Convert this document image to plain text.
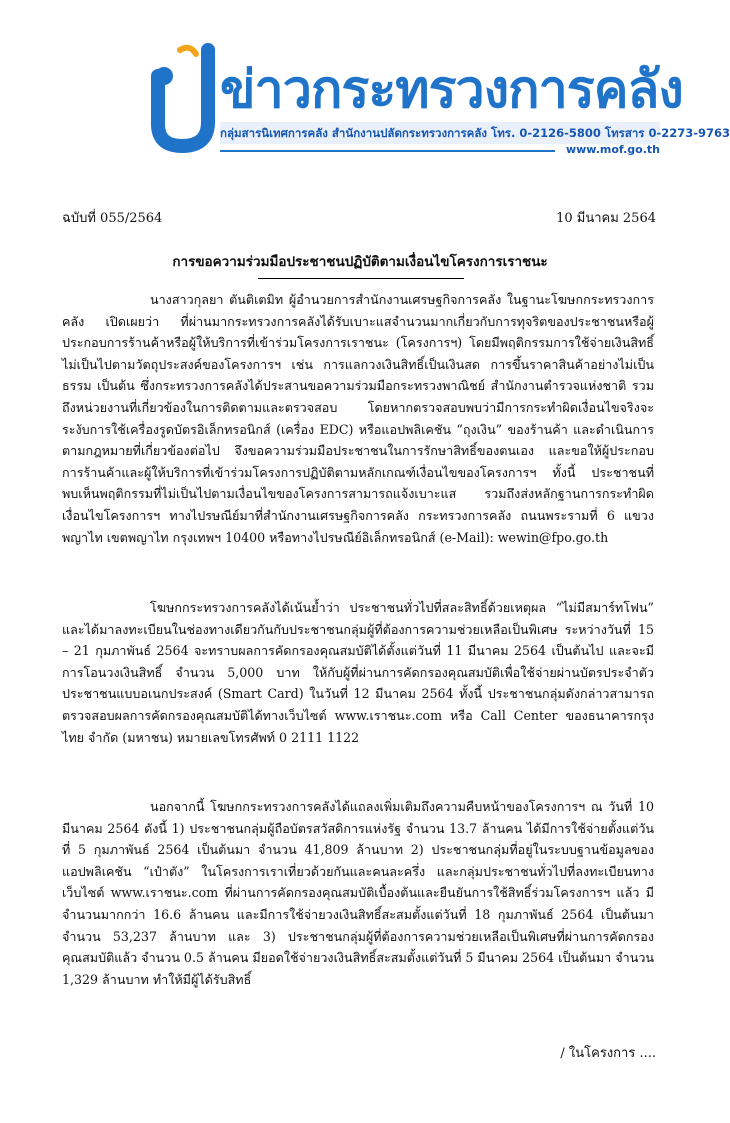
ข่าวกระทรวงการคลัง
กลุ่มสารนิเทศการคลัง สำนักงานปลัดกระทรวงการคลัง โทร. 0-2126-5800 โทรสาร 0-2273-9763
www.mof.go.th
ฉบับที่ 055/2564	10 มีนาคม 2564
การขอความร่วมมือประชาชนปฏิบัติตามเงื่อนไขโครงการเราชนะ

นางสาวกุลยา ตันติเตมิท ผู้อำนวยการสำนักงานเศรษฐกิจการคลัง ในฐานะโฆษกกระทรวงการคลัง เปิดเผยว่า ที่ผ่านมากระทรวงการคลังได้รับเบาะแสจำนวนมากเกี่ยวกับการทุจริตของประชาชนหรือผู้ประกอบการร้านค้าหรือผู้ให้บริการที่เข้าร่วมโครงการเราชนะ (โครงการฯ) โดยมีพฤติกรรมการใช้จ่ายเงินสิทธิ์ไม่เป็นไปตามวัตถุประสงค์ของโครงการฯ เช่น การแลกวงเงินสิทธิ์เป็นเงินสด การขึ้นราคาสินค้าอย่างไม่เป็นธรรม เป็นต้น ซึ่งกระทรวงการคลังได้ประสานขอความร่วมมือกระทรวงพาณิชย์ สำนักงานตำรวจแห่งชาติ รวมถึงหน่วยงานที่เกี่ยวข้องในการติดตามและตรวจสอบ โดยหากตรวจสอบพบว่ามีการกระทำผิดเงื่อนไขจริงจะระงับการใช้เครื่องรูดบัตรอิเล็กทรอนิกส์ (เครื่อง EDC) หรือแอปพลิเคชัน “ถุงเงิน” ของร้านค้า และดำเนินการตามกฎหมายที่เกี่ยวข้องต่อไป จึงขอความร่วมมือประชาชนในการรักษาสิทธิ์ของตนเอง และขอให้ผู้ประกอบการร้านค้าและผู้ให้บริการที่เข้าร่วมโครงการปฏิบัติตามหลักเกณฑ์เงื่อนไขของโครงการฯ ทั้งนี้ ประชาชนที่พบเห็นพฤติกรรมที่ไม่เป็นไปตามเงื่อนไขของโครงการสามารถแจ้งเบาะแส รวมถึงส่งหลักฐานการกระทำผิดเงื่อนไขโครงการฯ ทางไปรษณีย์มาที่สำนักงานเศรษฐกิจการคลัง กระทรวงการคลัง ถนนพระรามที่ 6 แขวงพญาไท เขตพญาไท กรุงเทพฯ 10400 หรือทางไปรษณีย์อิเล็กทรอนิกส์ (e-Mail): wewin@fpo.go.th

โฆษกกระทรวงการคลังได้เน้นย้ำว่า ประชาชนทั่วไปที่สละสิทธิ์ด้วยเหตุผล “ไม่มีสมาร์ทโฟน” และได้มาลงทะเบียนในช่องทางเดียวกันกับประชาชนกลุ่มผู้ที่ต้องการความช่วยเหลือเป็นพิเศษ ระหว่างวันที่ 15 – 21 กุมภาพันธ์ 2564 จะทราบผลการคัดกรองคุณสมบัติได้ตั้งแต่วันที่ 11 มีนาคม 2564 เป็นต้นไป และจะมีการโอนวงเงินสิทธิ์ จำนวน 5,000 บาท ให้กับผู้ที่ผ่านการคัดกรองคุณสมบัติเพื่อใช้จ่ายผ่านบัตรประจำตัวประชาชนแบบอเนกประสงค์ (Smart Card) ในวันที่ 12 มีนาคม 2564 ทั้งนี้ ประชาชนกลุ่มดังกล่าวสามารถตรวจสอบผลการคัดกรองคุณสมบัติได้ทางเว็บไซต์ www.เราชนะ.com หรือ Call Center ของธนาคารกรุงไทย จำกัด (มหาชน) หมายเลขโทรศัพท์ 0 2111 1122

นอกจากนี้ โฆษกกระทรวงการคลังได้แถลงเพิ่มเติมถึงความคืบหน้าของโครงการฯ ณ วันที่ 10 มีนาคม 2564 ดังนี้ 1) ประชาชนกลุ่มผู้ถือบัตรสวัสดิการแห่งรัฐ จำนวน 13.7 ล้านคน ได้มีการใช้จ่ายตั้งแต่วันที่ 5 กุมภาพันธ์ 2564 เป็นต้นมา จำนวน 41,809 ล้านบาท 2) ประชาชนกลุ่มที่อยู่ในระบบฐานข้อมูลของแอปพลิเคชัน “เป๋าตัง” ในโครงการเราเที่ยวด้วยกันและคนละครึ่ง และกลุ่มประชาชนทั่วไปที่ลงทะเบียนทางเว็บไซต์ www.เราชนะ.com ที่ผ่านการคัดกรองคุณสมบัติเบื้องต้นและยืนยันการใช้สิทธิ์ร่วมโครงการฯ แล้ว มีจำนวนมากกว่า 16.6 ล้านคน และมีการใช้จ่ายวงเงินสิทธิ์สะสมตั้งแต่วันที่ 18 กุมภาพันธ์ 2564 เป็นต้นมา จำนวน 53,237 ล้านบาท และ 3) ประชาชนกลุ่มผู้ที่ต้องการความช่วยเหลือเป็นพิเศษที่ผ่านการคัดกรองคุณสมบัติแล้ว จำนวน 0.5 ล้านคน มียอดใช้จ่ายวงเงินสิทธิ์สะสมตั้งแต่วันที่ 5 มีนาคม 2564 เป็นต้นมา จำนวน 1,329 ล้านบาท ทำให้มีผู้ได้รับสิทธิ์

/ ในโครงการ ....
